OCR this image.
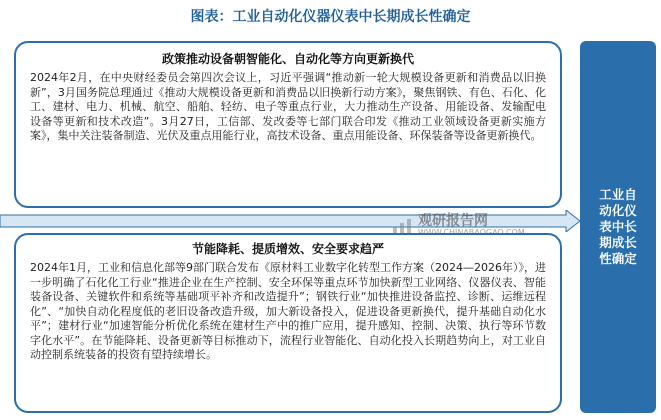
图表：工业自动化仪器仪表中长期成长性确定
政策推动设备朝智能化、自动化等方向更新换代
2024年2月，在中央财经委员会第四次会议上，习近平强调“推动新一轮大规模设备更新和消费品以旧换新”，3月国务院总理通过《推动大规模设备更新和消费品以旧换新行动方案》，聚焦钢铁、有色、石化、化工、建材、电力、机械、航空、船舶、轻纺、电子等重点行业，大力推动生产设备、用能设备、发输配电设备等更新和技术改造”。3月27日，工信部、发改委等七部门联合印发《推动工业领域设备更新实施方案》，集中关注装备制造、光伏及重点用能行业，高技术设备、重点用能设备、环保装备等设备更新换代。
观研报告网
节能降耗、提质增效、安全要求趋严
2024年1月，工业和信息化部等9部门联合发布《原材料工业数字化转型工作方案（2024—2026年）》，进一步明确了石化化工行业“推进企业在生产控制、安全环保等重点环节加快新型工业网络、仪器仪表、智能装备设备、关键软件和系统等基础项平补齐和改造提升”；钢铁行业“加快推进设备监控、诊断、运维远程化”、“加快自动化程度低的老旧设备改造升级，加大新设备投入，促进设备更新换代，提升基础自动化水平”；建材行业“加速智能分析优化系统在建材生产中的推广应用，提升感知、控制、决策、执行等环节数字化水平”。在节能降耗、设备更新等目标推动下，流程行业智能化、自动化投入长期趋势向上，对工业自动控制系统装备的投资有望持续增长。
工业自动化仪表中长期成长性确定
